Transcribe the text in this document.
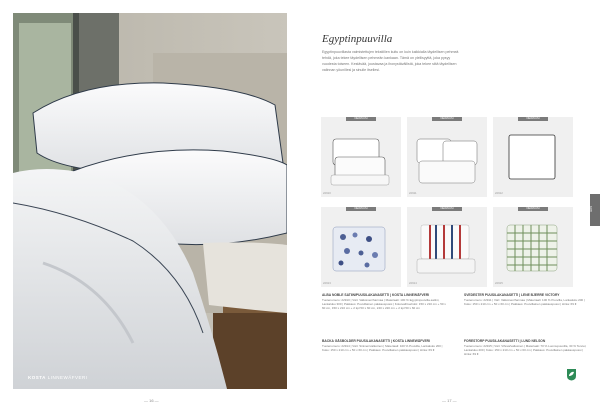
KOSTA LINNEWÄFVERI
— 16 —
Egyptinpuuvilla
Egyptinpuuvillasta valmistettujen tekstiilien kuitu on kuin kaikkialla täydellisen pehmeä tehdä, joka tekee täydellisen pehmeän kankaan. Tämä on ylellisyyttä, joka pysyy vuodesta toiseen. Kestävää, joustavaa ja ihonystävällistä, joka tekee siitä täydellisen valinnan yöunillesi ja sinulle itsellesi.
NEW/UUSI
22910
NEW/UUSI
22911
NEW/UUSI
22912
NEW/UUSI
22913
NEW/UUSI
22914
NEW/UUSI
22915
ALBA NOBLE SATIINIPUUSILAKANASETTI | KOSTA LINNEWÄFVERI
Tuotenumero: 22910 | Väri: Valkoinen/harmaa | Materiaali: 100 % Egyptinpuuvilla-satiini, Lankaluku 300 | Pakkaus: Puuvillainen pakkauspussi | Kokovaihtoehdot: 150 x 210 cm + 50 x 60 cm, 150 x 210 cm + 2 kpl 50 x 60 cm, 240 x 220 cm + 2 kpl 50 x 60 cm
SVEDESTER PUUSILAKANASETTI | LENE BJERRE VICTORY
Tuotenumero: 22911 | Väri: Valkoinen/harmaa | Materiaali: 100 % Puuvilla, Lankaluku 200 | Koko: 150 x 210 cm + 50 x 60 cm | Pakkaus: Puuvillainen pakkauspussi | Hinta: 69 €
BACKA GÄSBOLDER PUUSILAKANASETTI | KOSTA LINNEWÄFVERI
Tuotenumero: 22914 | Väri: Sininen/valkoinen | Materiaali: 100 % Puuvilla, Lankaluku 200 | Koko: 150 x 210 cm + 50 x 60 cm | Pakkaus: Puuvillainen pakkauspussi | Hinta: 69 €
FORESTORP PUUSILAKANASETTI | LUND NELSON
Tuotenumero: 22915 | Väri: Vihreä/valkoinen | Materiaali: 70 % Luomupuuvilla, 30 % Tencel, Lankaluku 200 | Koko: 150 x 210 cm + 50 x 60 cm | Pakkaus: Puuvillainen pakkauspussi | Hinta: 69 €
KOTI
— 17 —
